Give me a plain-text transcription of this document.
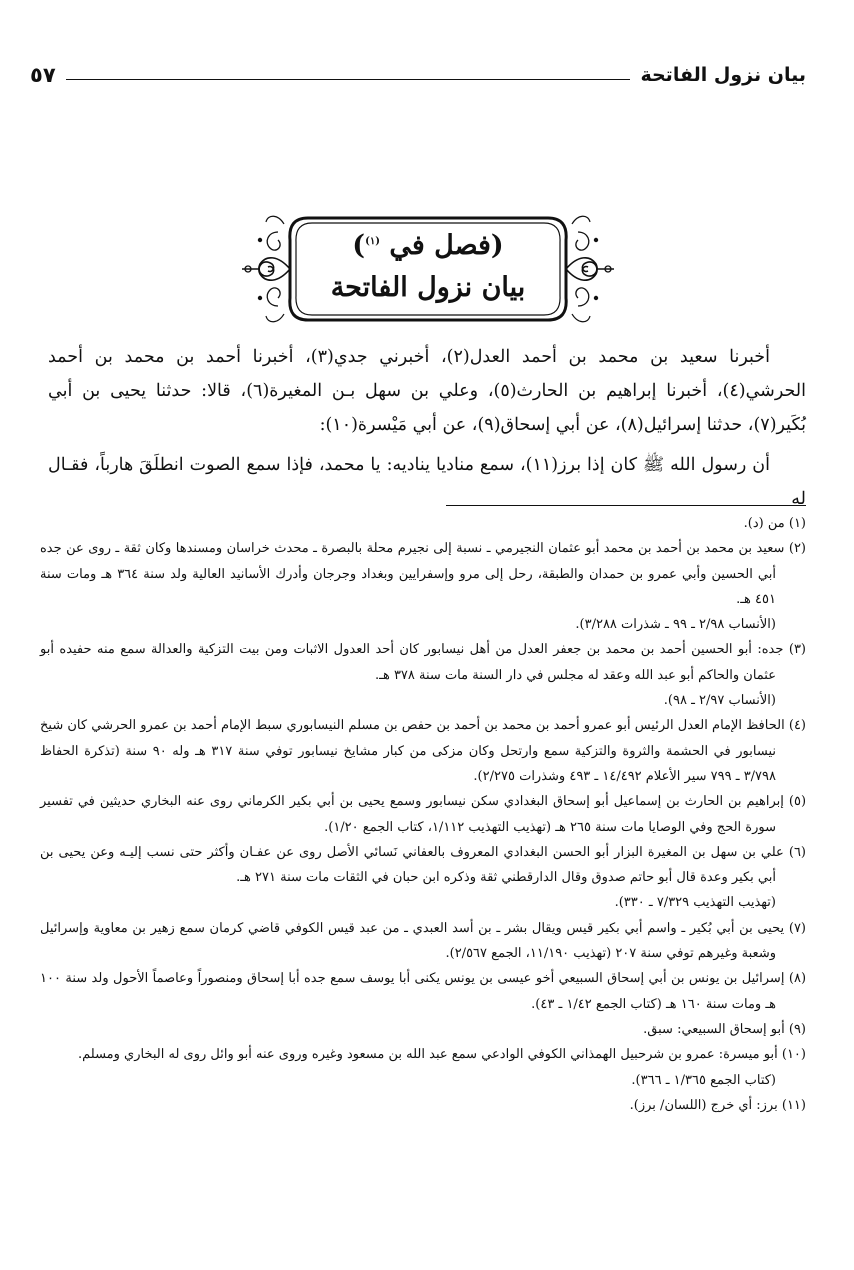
بيان نزول الفاتحة
٥٧
(فصل في $^{(١)}$)
بيان نزول الفاتحة

أخبرنا سعيد بن محمد بن أحمد العدل(٢)، أخبرني جدي(٣)، أخبرنا أحمد بن محمد بن أحمد الحرشي(٤)، أخبرنا إبراهيم بن الحارث(٥)، وعلي بن سهل بـن المغيرة(٦)، قالا: حدثنا يحيى بن أبي بُكَير(٧)، حدثنا إسرائيل(٨)، عن أبي إسحاق(٩)، عن أبي مَيْسرة(١٠):

أن رسول الله ﷺ كان إذا برز(١١)، سمع مناديا يناديه: يا محمد، فإذا سمع الصوت انطلَقَ هارباً، فقـال له

(١) من (د).

(٢) سعيد بن محمد بن أحمد بن محمد أبو عثمان النجيرمي ـ نسبة إلى نجيرم محلة بالبصرة ـ محدث خراسان ومسندها وكان ثقة ـ روى عن جده أبي الحسين وأبي عمرو بن حمدان والطبقة، رحل إلى مرو وإسفرايين وبغداد وجرجان وأدرك الأسانيد العالية ولد سنة ٣٦٤ هـ ومات سنة ٤٥١ هـ.

(الأنساب ٢/٩٨ ـ ٩٩ ـ شذرات ٣/٢٨٨).

(٣) جده: أبو الحسين أحمد بن محمد بن جعفر العدل من أهل نيسابور كان أحد العدول الاثبات ومن بيت التزكية والعدالة سمع منه حفيده أبو عثمان والحاكم أبو عبد الله وعقد له مجلس في دار السنة مات سنة ٣٧٨ هـ.

(الأنساب ٢/٩٧ ـ ٩٨).

(٤) الحافظ الإمام العدل الرئيس أبو عمرو أحمد بن محمد بن أحمد بن حفص بن مسلم النيسابوري سبط الإمام أحمد بن عمرو الحرشي كان شيخ نيسابور في الحشمة والثروة والتزكية سمع وارتحل وكان مزكى من كبار مشايخ نيسابور توفي سنة ٣١٧ هـ وله ٩٠ سنة (تذكرة الحفاظ ٣/٧٩٨ ـ ٧٩٩ سير الأعلام ١٤/٤٩٢ ـ ٤٩٣ وشذرات ٢/٢٧٥).

(٥) إبراهيم بن الحارث بن إسماعيل أبو إسحاق البغدادي سكن نيسابور وسمع يحيى بن أبي بكير الكرماني روى عنه البخاري حديثين في تفسير سورة الحج وفي الوصايا مات سنة ٢٦٥ هـ (تهذيب التهذيب ١/١١٢، كتاب الجمع ١/٢٠).

(٦) علي بن سهل بن المغيرة البزار أبو الحسن البغدادي المعروف بالعفاني نَسائي الأصل روى عن عفـان وأكثر حتى نسب إليـه وعن يحيى بن أبي بكير وعدة قال أبو حاتم صدوق وقال الدارقطني ثقة وذكره ابن حبان في الثقات مات سنة ٢٧١ هـ.

(تهذيب التهذيب ٧/٣٢٩ ـ ٣٣٠).

(٧) يحيى بن أبي بُكير ـ واسم أبي بكير قيس ويقال بشر ـ بن أسد العبدي ـ من عبد قيس الكوفي قاضي كرمان سمع زهير بن معاوية وإسرائيل وشعبة وغيرهم توفي سنة ٢٠٧ (تهذيب ١١/١٩٠، الجمع ٢/٥٦٧).

(٨) إسرائيل بن يونس بن أبي إسحاق السبيعي أخو عيسى بن يونس يكنى أبا يوسف سمع جده أبا إسحاق ومنصوراً وعاصماً الأحول ولد سنة ١٠٠ هـ ومات سنة ١٦٠ هـ (كتاب الجمع ١/٤٢ ـ ٤٣).

(٩) أبو إسحاق السبيعي: سبق.

(١٠) أبو ميسرة: عمرو بن شرحبيل الهمذاني الكوفي الوادعي سمع عبد الله بن مسعود وغيره وروى عنه أبو وائل روى له البخاري ومسلم.

(كتاب الجمع ١/٣٦٥ ـ ٣٦٦).

(١١) برز: أي خرج (اللسان/ برز).
